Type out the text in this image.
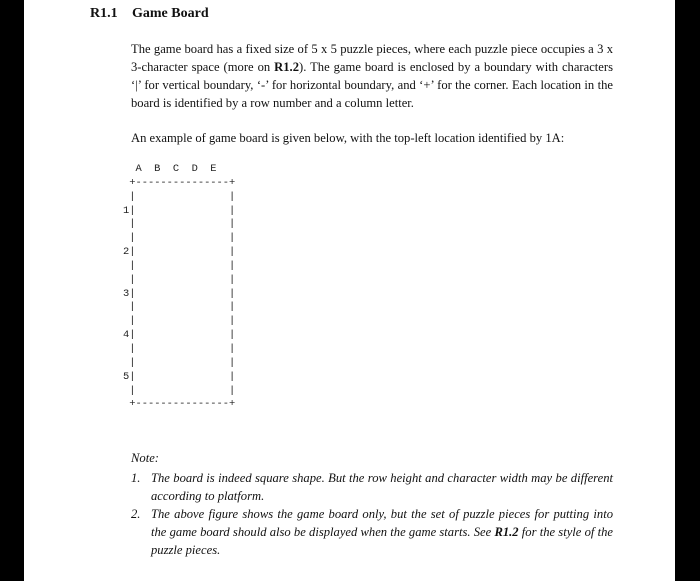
R1.1 Game Board

The game board has a fixed size of 5 x 5 puzzle pieces, where each puzzle piece occupies a 3 x 3-character space (more on R1.2). The game board is enclosed by a boundary with characters ‘|’ for vertical boundary, ‘-’ for horizontal boundary, and ‘+’ for the corner. Each location in the board is identified by a row number and a column letter.

An example of game board is given below, with the top-left location identified by 1A:

A  B  C  D  E
+---------------+
|               |
1|               |
|               |
|               |
2|               |
|               |
|               |
3|               |
|               |
|               |
4|               |
|               |
|               |
5|               |
|               |
+---------------+
Note:
1. The board is indeed square shape. But the row height and character width may be different according to platform.
2. The above figure shows the game board only, but the set of puzzle pieces for putting into the game board should also be displayed when the game starts. See R1.2 for the style of the puzzle pieces.
